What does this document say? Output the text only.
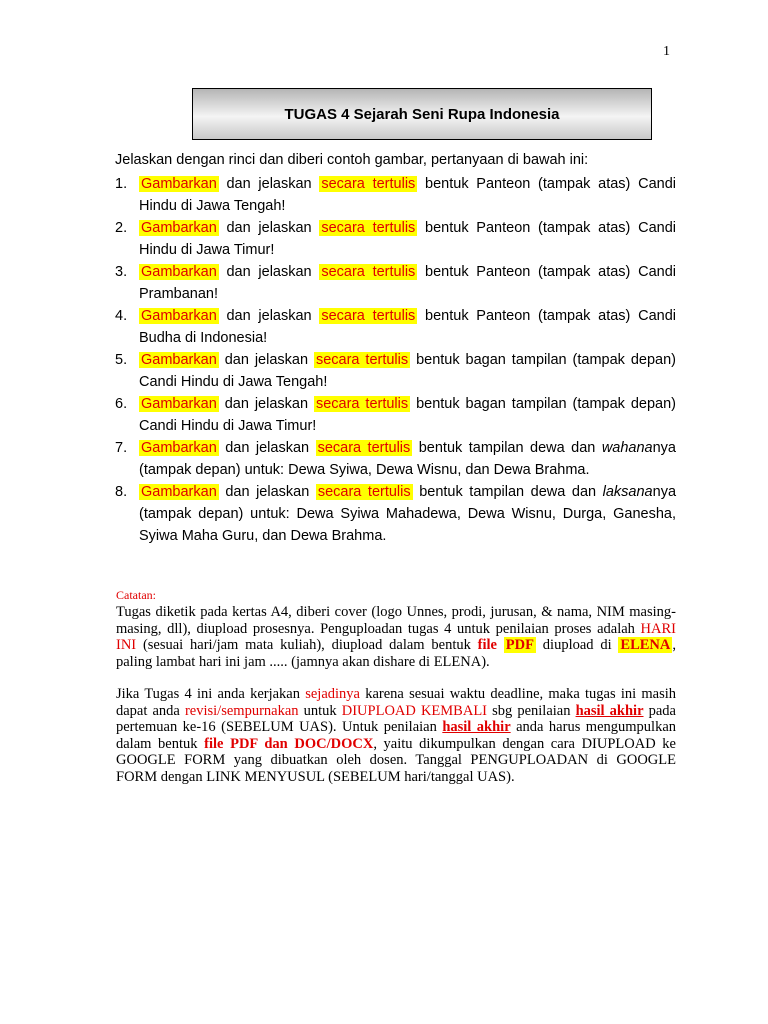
1
TUGAS 4 Sejarah Seni Rupa Indonesia
Jelaskan dengan rinci dan diberi contoh gambar, pertanyaan di bawah ini:
1. Gambarkan dan jelaskan secara tertulis bentuk Panteon (tampak atas) Candi Hindu di Jawa Tengah!
2. Gambarkan dan jelaskan secara tertulis bentuk Panteon (tampak atas) Candi Hindu di Jawa Timur!
3. Gambarkan dan jelaskan secara tertulis bentuk Panteon (tampak atas) Candi Prambanan!
4. Gambarkan dan jelaskan secara tertulis bentuk Panteon (tampak atas) Candi Budha di Indonesia!
5. Gambarkan dan jelaskan secara tertulis bentuk bagan tampilan (tampak depan) Candi Hindu di Jawa Tengah!
6. Gambarkan dan jelaskan secara tertulis bentuk bagan tampilan (tampak depan) Candi Hindu di Jawa Timur!
7. Gambarkan dan jelaskan secara tertulis bentuk tampilan dewa dan wahananya (tampak depan) untuk: Dewa Syiwa, Dewa Wisnu, dan Dewa Brahma.
8. Gambarkan dan jelaskan secara tertulis bentuk tampilan dewa dan laksananya (tampak depan) untuk: Dewa Syiwa Mahadewa, Dewa Wisnu, Durga, Ganesha, Syiwa Maha Guru, dan Dewa Brahma.
Catatan:
Tugas diketik pada kertas A4, diberi cover (logo Unnes, prodi, jurusan, & nama, NIM masing-masing, dll), diupload prosesnya. Penguploadan tugas 4 untuk penilaian proses adalah HARI INI (sesuai hari/jam mata kuliah), diupload dalam bentuk file PDF diupload di ELENA , paling lambat hari ini jam ..... (jamnya akan dishare di ELENA).
Jika Tugas 4 ini anda kerjakan sejadinya karena sesuai waktu deadline, maka tugas ini masih dapat anda revisi/sempurnakan untuk DIUPLOAD KEMBALI sbg penilaian hasil akhir pada pertemuan ke-16 (SEBELUM UAS). Untuk penilaian hasil akhir anda harus mengumpulkan dalam bentuk file PDF dan DOC/DOCX, yaitu dikumpulkan dengan cara DIUPLOAD ke GOOGLE FORM yang dibuatkan oleh dosen. Tanggal PENGUPLOADAN di GOOGLE FORM dengan LINK MENYUSUL (SEBELUM hari/tanggal UAS).
